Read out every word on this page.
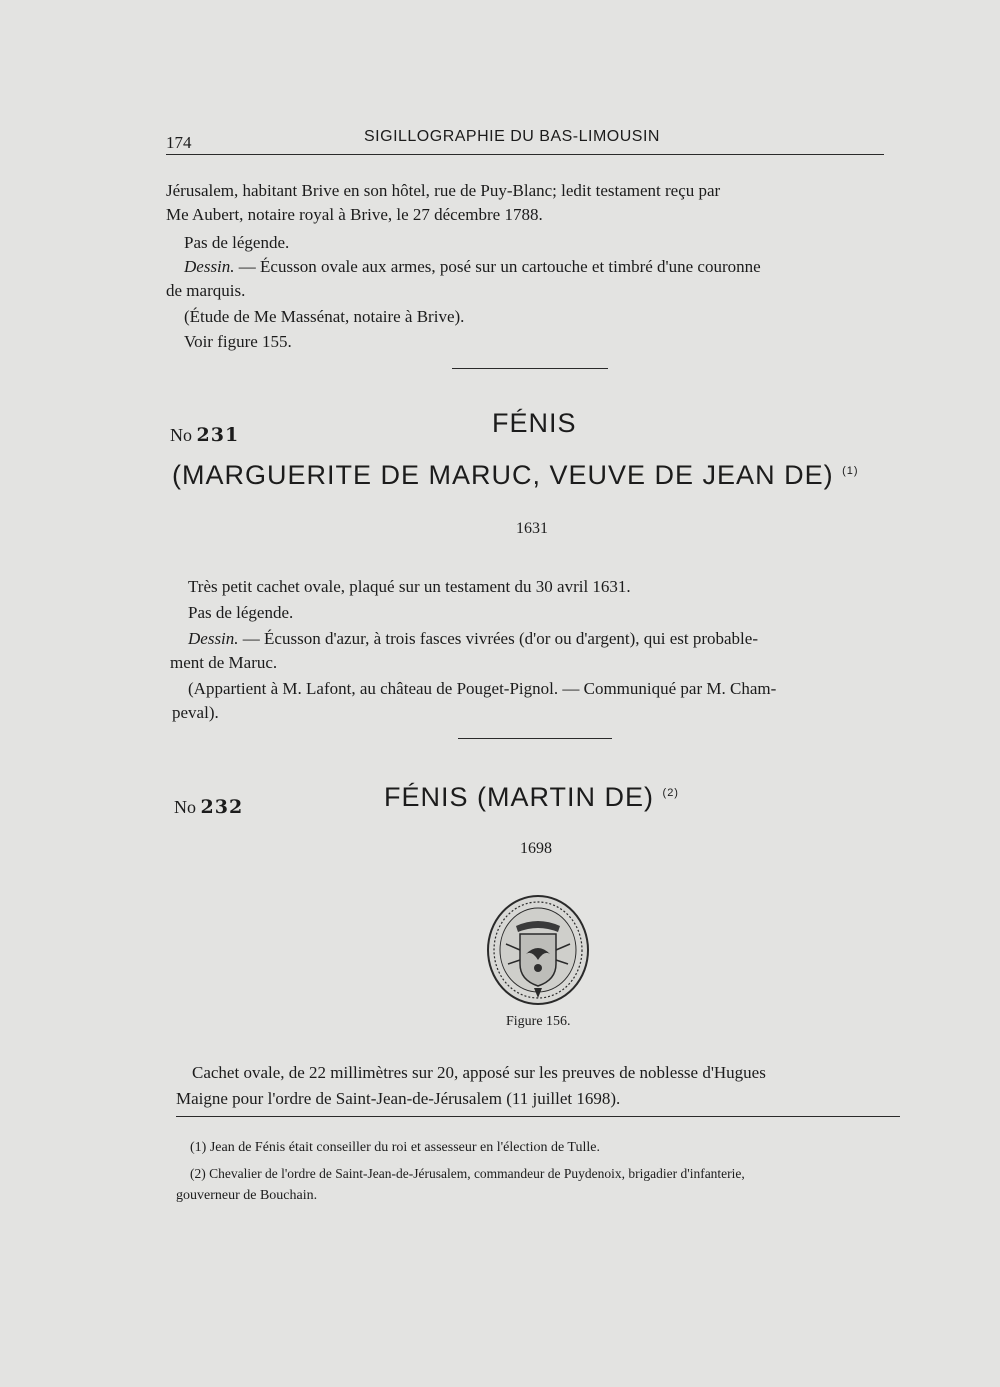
174	SIGILLOGRAPHIE DU BAS-LIMOUSIN

Jérusalem, habitant Brive en son hôtel, rue de Puy-Blanc; ledit testament reçu par

Me Aubert, notaire royal à Brive, le 27 décembre 1788.

Pas de légende.

Dessin. — Écusson ovale aux armes, posé sur un cartouche et timbré d'une couronne

de marquis.

(Étude de Me Massénat, notaire à Brive).

Voir figure 155.

No 231	FÉNIS
(MARGUERITE DE MARUC, VEUVE DE JEAN DE) $^{(1)}$
1631

Très petit cachet ovale, plaqué sur un testament du 30 avril 1631.

Pas de légende.

Dessin. — Écusson d'azur, à trois fasces vivrées (d'or ou d'argent), qui est probable-

ment de Maruc.

(Appartient à M. Lafont, au château de Pouget-Pignol. — Communiqué par M. Cham-

peval).

No 232	FÉNIS (MARTIN DE) $^{(2)}$
1698
Figure 156.

Cachet ovale, de 22 millimètres sur 20, apposé sur les preuves de noblesse d'Hugues

Maigne pour l'ordre de Saint-Jean-de-Jérusalem (11 juillet 1698).

(1) Jean de Fénis était conseiller du roi et assesseur en l'élection de Tulle.

(2) Chevalier de l'ordre de Saint-Jean-de-Jérusalem, commandeur de Puydenoix, brigadier d'infanterie,

gouverneur de Bouchain.
